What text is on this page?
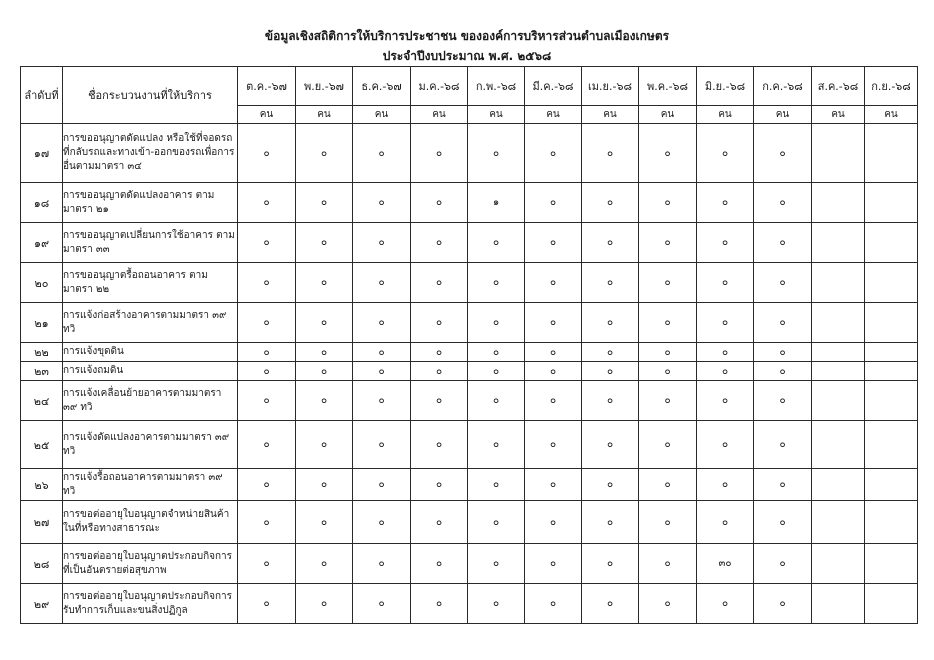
ข้อมูลเชิงสถิติการให้บริการประชาชน ขององค์การบริหารส่วนตำบลเมืองเกษตร
ประจำปีงบประมาณ พ.ศ. ๒๕๖๘
ลำดับที่	ชื่อกระบวนงานที่ให้บริการ	ต.ค.-๖๗	พ.ย.-๖๗	ธ.ค.-๖๗	ม.ค.-๖๘	ก.พ.-๖๘	มี.ค.-๖๘	เม.ย.-๖๘	พ.ค.-๖๘	มิ.ย.-๖๘	ก.ค.-๖๘	ส.ค.-๖๘	ก.ย.-๖๘
		คน	คน	คน	คน	คน	คน	คน	คน	คน	คน	คน	คน
๑๗	การขออนุญาตดัดแปลง หรือใช้ที่จอดรถที่กลับรถและทางเข้า-ออกของรถเพื่อการอื่นตามมาตรา ๓๔	๐	๐	๐	๐	๐	๐	๐	๐	๐	๐		
๑๘	การขออนุญาตดัดแปลงอาคาร ตามมาตรา ๒๑	๐	๐	๐	๐	๑	๐	๐	๐	๐	๐		
๑๙	การขออนุญาตเปลี่ยนการใช้อาคาร ตามมาตรา ๓๓	๐	๐	๐	๐	๐	๐	๐	๐	๐	๐		
๒๐	การขออนุญาตรื้อถอนอาคาร ตามมาตรา ๒๒	๐	๐	๐	๐	๐	๐	๐	๐	๐	๐		
๒๑	การแจ้งก่อสร้างอาคารตามมาตรา ๓๙ ทวิ	๐	๐	๐	๐	๐	๐	๐	๐	๐	๐		
๒๒	การแจ้งขุดดิน	๐	๐	๐	๐	๐	๐	๐	๐	๐	๐		
๒๓	การแจ้งถมดิน	๐	๐	๐	๐	๐	๐	๐	๐	๐	๐		
๒๔	การแจ้งเคลื่อนย้ายอาคารตามมาตรา ๓๙ ทวิ	๐	๐	๐	๐	๐	๐	๐	๐	๐	๐		
๒๕	การแจ้งดัดแปลงอาคารตามมาตรา ๓๙ ทวิ	๐	๐	๐	๐	๐	๐	๐	๐	๐	๐		
๒๖	การแจ้งรื้อถอนอาคารตามมาตรา ๓๙ ทวิ	๐	๐	๐	๐	๐	๐	๐	๐	๐	๐		
๒๗	การขอต่ออายุใบอนุญาตจำหน่ายสินค้าในที่หรือทางสาธารณะ	๐	๐	๐	๐	๐	๐	๐	๐	๐	๐		
๒๘	การขอต่ออายุใบอนุญาตประกอบกิจการที่เป็นอันตรายต่อสุขภาพ	๐	๐	๐	๐	๐	๐	๐	๐	๓๐	๐		
๒๙	การขอต่ออายุใบอนุญาตประกอบกิจการรับทำการเก็บและขนสิ่งปฏิกูล	๐	๐	๐	๐	๐	๐	๐	๐	๐	๐		
